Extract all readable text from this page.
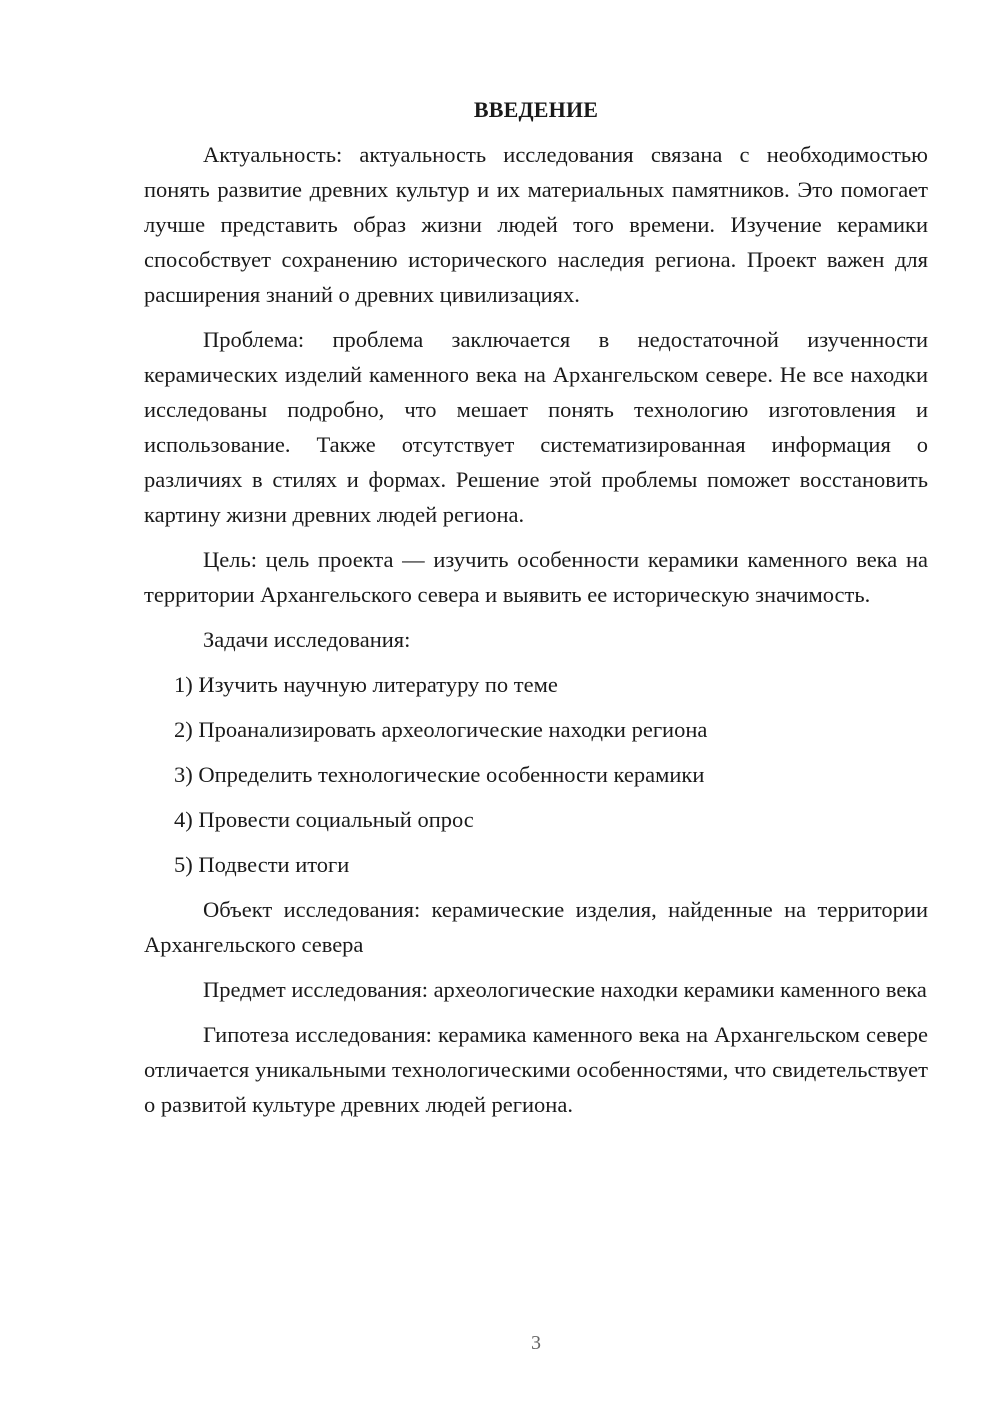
ВВЕДЕНИЕ

Актуальность: актуальность исследования связана с необходимостью понять развитие древних культур и их материальных памятников. Это помогает лучше представить образ жизни людей того времени. Изучение керамики способствует сохранению исторического наследия региона. Проект важен для расширения знаний о древних цивилизациях.

Проблема: проблема заключается в недостаточной изученности керамических изделий каменного века на Архангельском севере. Не все находки исследованы подробно, что мешает понять технологию изготовления и использование. Также отсутствует систематизированная информация о различиях в стилях и формах. Решение этой проблемы поможет восстановить картину жизни древних людей региона.

Цель: цель проекта — изучить особенности керамики каменного века на территории Архангельского севера и выявить ее историческую значимость.

Задачи исследования:

1) Изучить научную литературу по теме
2) Проанализировать археологические находки региона
3) Определить технологические особенности керамики
4) Провести социальный опрос
5) Подвести итоги

Объект исследования: керамические изделия, найденные на территории Архангельского севера

Предмет исследования: археологические находки керамики каменного века

Гипотеза исследования: керамика каменного века на Архангельском севере отличается уникальными технологическими особенностями, что свидетельствует о развитой культуре древних людей региона.

3
